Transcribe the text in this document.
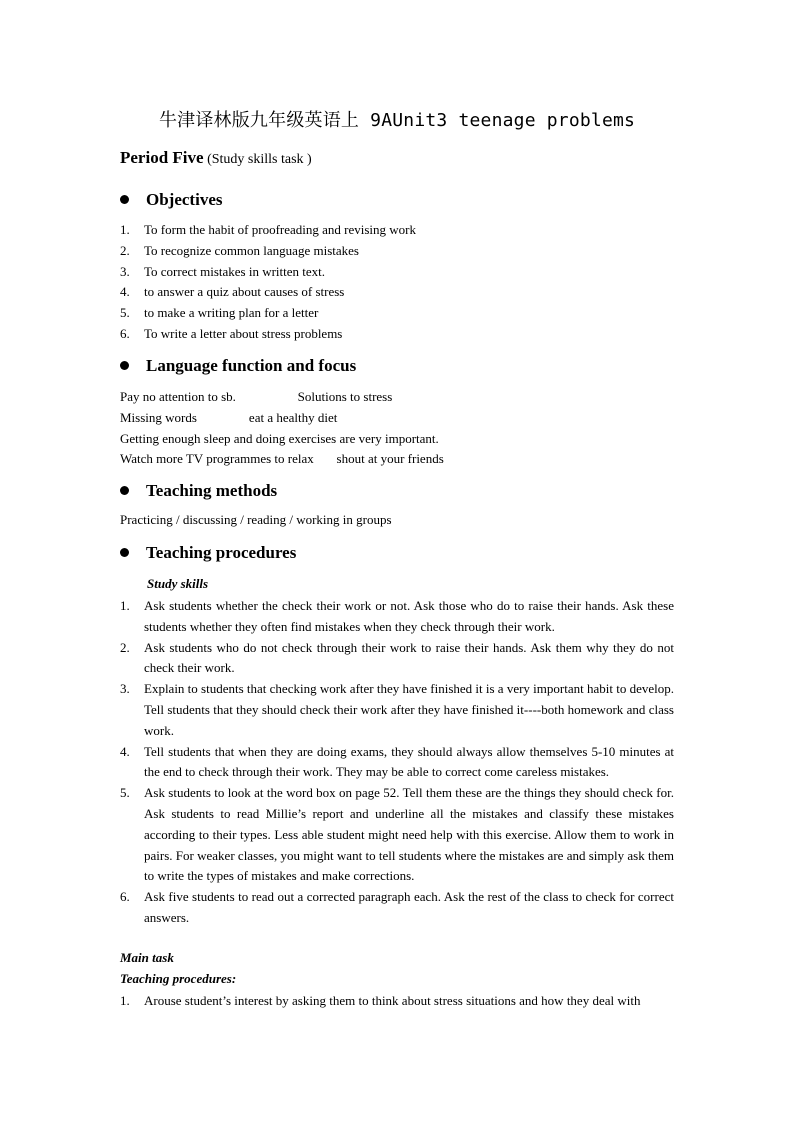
牛津译林版九年级英语上 9AUnit3 teenage problems
Period Five (Study skills task )
Objectives
1. To form the habit of proofreading and revising work
2. To recognize common language mistakes
3. To correct mistakes in written text.
4. to answer a quiz about causes of stress
5. to make a writing plan for a letter
6. To write a letter about stress problems
Language function and focus
Pay no attention to sb.                   Solutions to stress
Missing words                eat a healthy diet
Getting enough sleep and doing exercises are very important.
Watch more TV programmes to relax       shout at your friends
Teaching methods
Practicing / discussing / reading / working in groups
Teaching procedures
Study skills
1. Ask students whether the check their work or not. Ask those who do to raise their hands. Ask these students whether they often find mistakes when they check through their work.
2. Ask students who do not check through their work to raise their hands. Ask them why they do not check their work.
3. Explain to students that checking work after they have finished it is a very important habit to develop. Tell students that they should check their work after they have finished it----both homework and class work.
4. Tell students that when they are doing exams, they should always allow themselves 5-10 minutes at the end to check through their work. They may be able to correct come careless mistakes.
5. Ask students to look at the word box on page 52. Tell them these are the things they should check for. Ask students to read Millie’s report and underline all the mistakes and classify these mistakes according to their types. Less able student might need help with this exercise. Allow them to work in pairs. For weaker classes, you might want to tell students where the mistakes are and simply ask them to write the types of mistakes and make corrections.
6. Ask five students to read out a corrected paragraph each. Ask the rest of the class to check for correct answers.
Main task
Teaching procedures:
1. Arouse student’s interest by asking them to think about stress situations and how they deal with
